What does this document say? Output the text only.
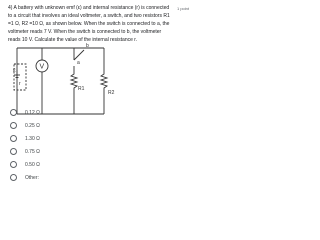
4) A battery with unknown emf (ε) and internal resistance (r) is connected to a circuit that involves an ideal voltmeter, a switch, and two resistors R1 =1 Ω, R2 =10 Ω, as shown below. When the switch is connected to a, the voltmeter reads 7 V. When the switch is connected to b, the voltmeter reads 10 V. Calculate the value of the internal resistance r.
1 point
ε
r
V
a
b
R1
R2
0.12 Ω
0.25 Ω
1.30 Ω
0.75 Ω
0.50 Ω
Other:
